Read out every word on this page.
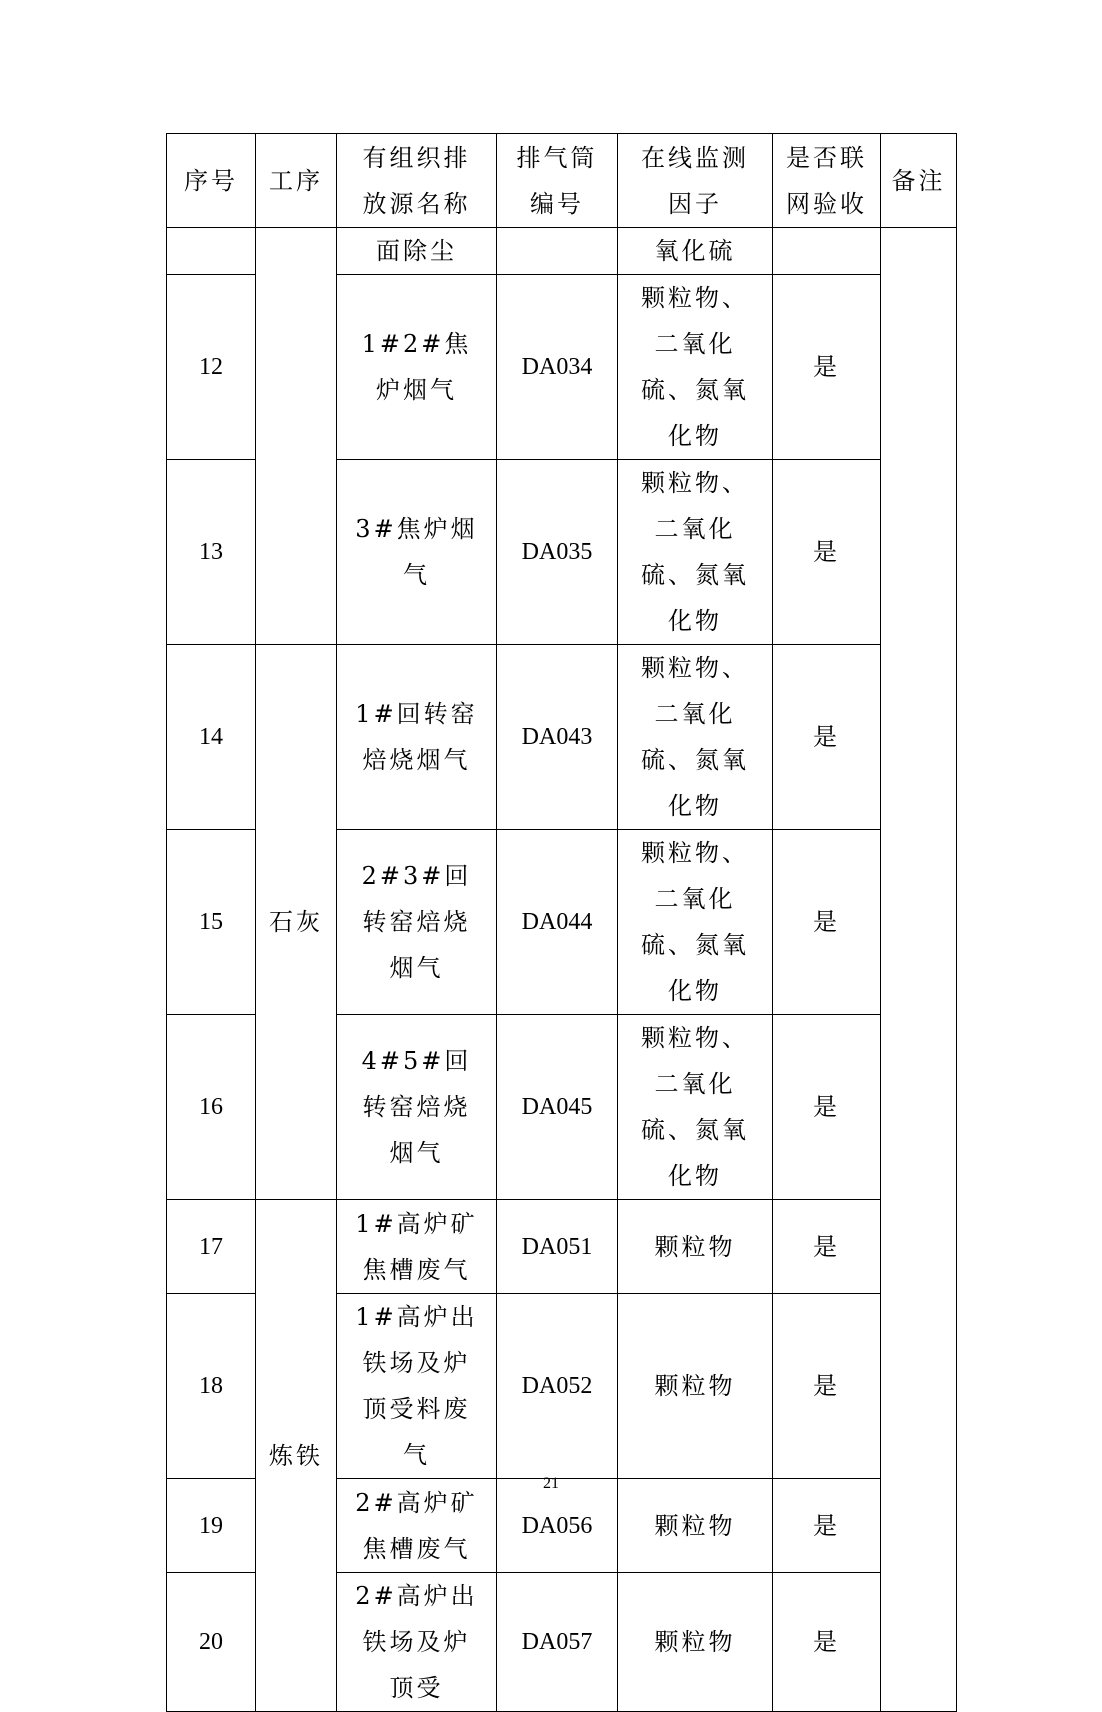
序号	工序	有组织排放源名称	排气筒编号	在线监测因子	是否联网验收	备注

		面除尘		氧化硫		

12		1#2#焦炉烟气	DA034	颗粒物、二氧化硫、氮氧化物	是	

13		3#焦炉烟气	DA035	颗粒物、二氧化硫、氮氧化物	是	

14	石灰	1#回转窑焙烧烟气	DA043	颗粒物、二氧化硫、氮氧化物	是	

15		2#3#回转窑焙烧烟气	DA044	颗粒物、二氧化硫、氮氧化物	是	

16		4#5#回转窑焙烧烟气	DA045	颗粒物、二氧化硫、氮氧化物	是	

17	炼铁	1#高炉矿焦槽废气	DA051	颗粒物	是	

18		1#高炉出铁场及炉顶受料废气	DA052	颗粒物	是	

19		2#高炉矿焦槽废气	DA056	颗粒物	是	

20		2#高炉出铁场及炉顶受	DA057	颗粒物	是	
21
